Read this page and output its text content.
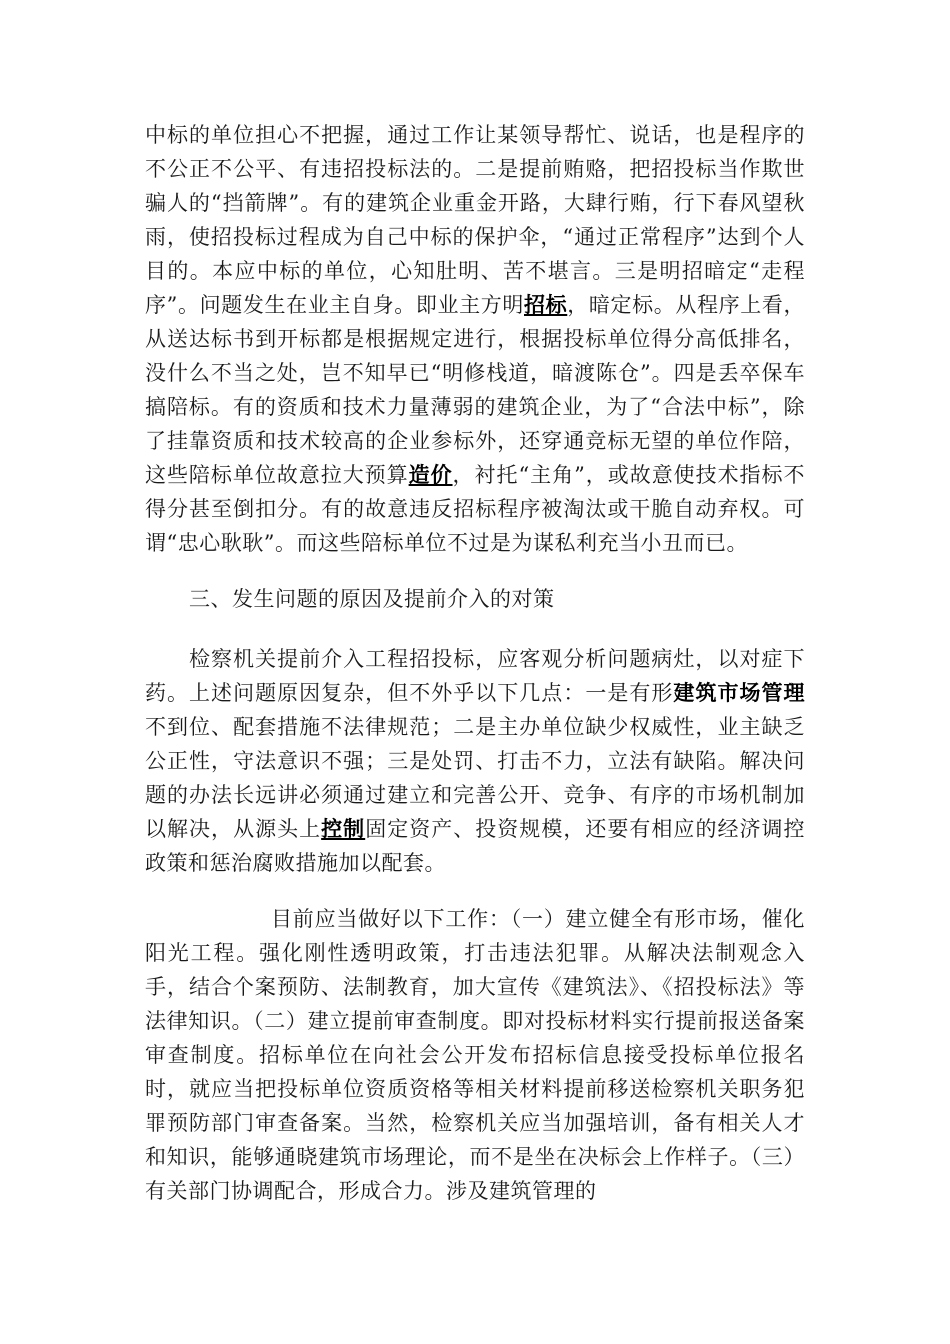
中标的单位担心不把握，通过工作让某领导帮忙、说话，也是程序的不公正不公平、有违招投标法的。二是提前贿赂，把招投标当作欺世骗人的“挡箭牌”。有的建筑企业重金开路，大肆行贿，行下春风望秋雨，使招投标过程成为自己中标的保护伞，“通过正常程序”达到个人目的。本应中标的单位，心知肚明、苦不堪言。三是明招暗定“走程序”。问题发生在业主自身。即业主方明招标，暗定标。从程序上看，从送达标书到开标都是根据规定进行，根据投标单位得分高低排名，没什么不当之处，岂不知早已“明修栈道，暗渡陈仓”。四是丢卒保车搞陪标。有的资质和技术力量薄弱的建筑企业，为了“合法中标”，除了挂靠资质和技术较高的企业参标外，还穿通竞标无望的单位作陪，这些陪标单位故意拉大预算造价，衬托“主角”，或故意使技术指标不得分甚至倒扣分。有的故意违反招标程序被淘汰或干脆自动弃权。可谓“忠心耿耿”。而这些陪标单位不过是为谋私利充当小丑而已。

三、发生问题的原因及提前介入的对策

检察机关提前介入工程招投标，应客观分析问题病灶，以对症下药。上述问题原因复杂，但不外乎以下几点：一是有形建筑市场管理不到位、配套措施不法律规范；二是主办单位缺少权威性，业主缺乏公正性，守法意识不强；三是处罚、打击不力，立法有缺陷。解决问题的办法长远讲必须通过建立和完善公开、竞争、有序的市场机制加以解决，从源头上控制固定资产、投资规模，还要有相应的经济调控政策和惩治腐败措施加以配套。

目前应当做好以下工作：（一）建立健全有形市场，催化阳光工程。强化刚性透明政策，打击违法犯罪。从解决法制观念入手，结合个案预防、法制教育，加大宣传《建筑法》、《招投标法》等法律知识。（二）建立提前审查制度。即对投标材料实行提前报送备案审查制度。招标单位在向社会公开发布招标信息接受投标单位报名时，就应当把投标单位资质资格等相关材料提前移送检察机关职务犯罪预防部门审查备案。当然，检察机关应当加强培训，备有相关人才和知识，能够通晓建筑市场理论，而不是坐在决标会上作样子。（三）有关部门协调配合，形成合力。涉及建筑管理的
